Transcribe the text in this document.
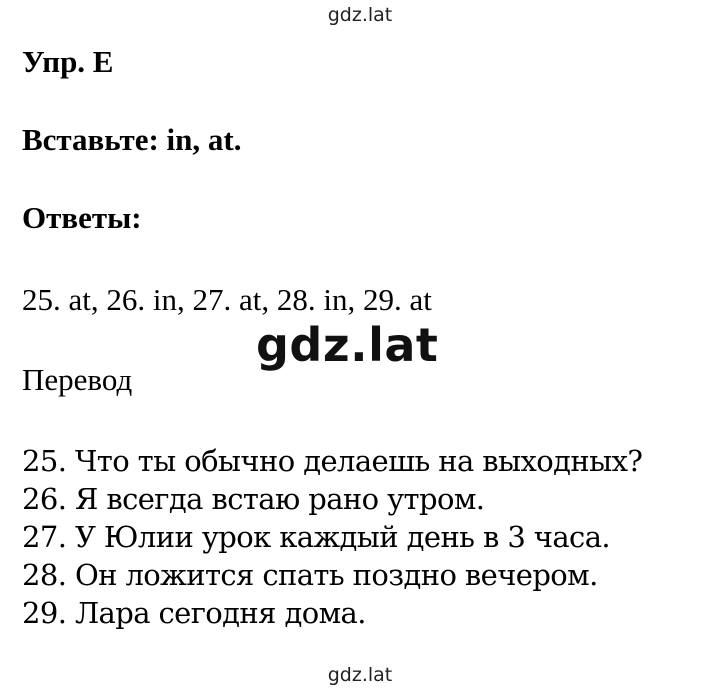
gdz.lat
Упр. E
Вставьте: in, at.
Ответы:
25. at, 26. in, 27. at, 28. in, 29. at
gdz.lat
Перевод
25. Что ты обычно делаешь на выходных?
26. Я всегда встаю рано утром.
27. У Юлии урок каждый день в 3 часа.
28. Он ложится спать поздно вечером.
29. Лара сегодня дома.
gdz.lat
